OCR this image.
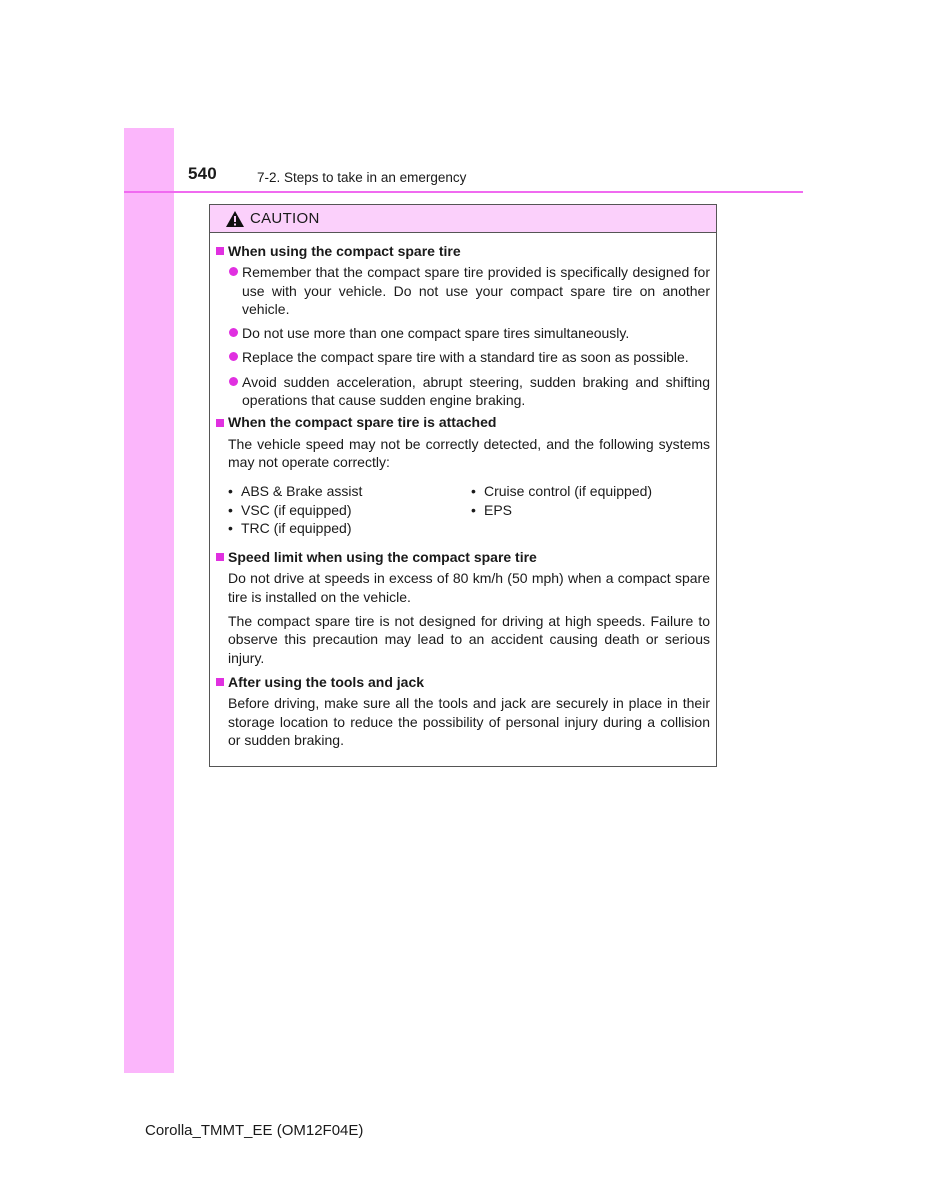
540	7-2. Steps to take in an emergency
CAUTION
When using the compact spare tire
Remember that the compact spare tire provided is specifically designed for use with your vehicle. Do not use your compact spare tire on another vehicle.
Do not use more than one compact spare tires simultaneously.
Replace the compact spare tire with a standard tire as soon as possible.
Avoid sudden acceleration, abrupt steering, sudden braking and shifting operations that cause sudden engine braking.
When the compact spare tire is attached
The vehicle speed may not be correctly detected, and the following systems may not operate correctly:
• ABS & Brake assist
• VSC (if equipped)
• TRC (if equipped)
• Cruise control (if equipped)
• EPS
Speed limit when using the compact spare tire
Do not drive at speeds in excess of 80 km/h (50 mph) when a compact spare tire is installed on the vehicle.
The compact spare tire is not designed for driving at high speeds. Failure to observe this precaution may lead to an accident causing death or serious injury.
After using the tools and jack
Before driving, make sure all the tools and jack are securely in place in their storage location to reduce the possibility of personal injury during a collision or sudden braking.
Corolla_TMMT_EE (OM12F04E)
